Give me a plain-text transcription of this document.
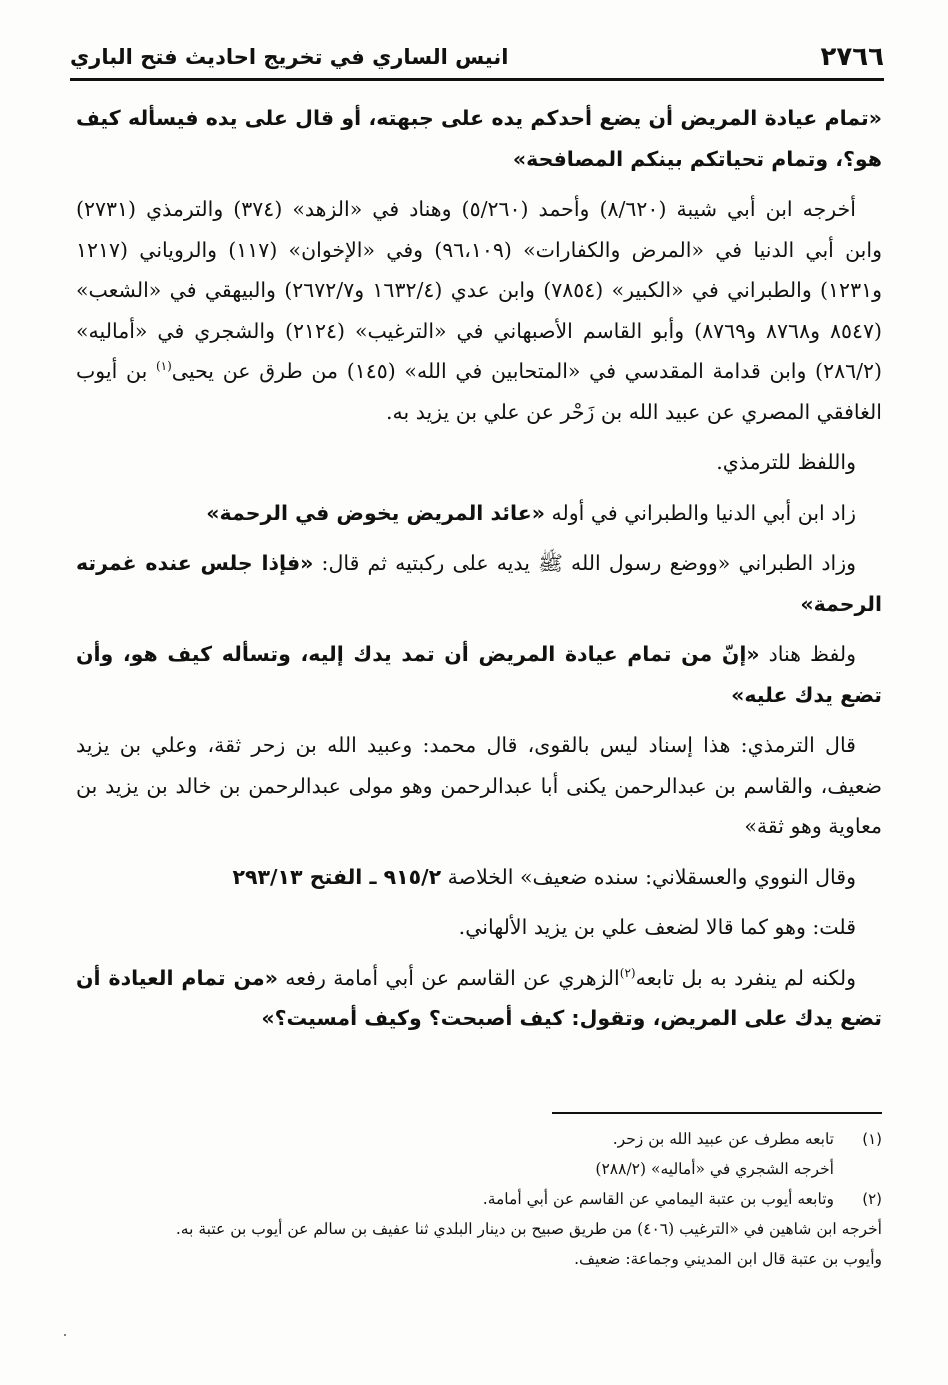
٢٧٦٦
انيس الساري في تخريج احاديث فتح الباري

«تمام عيادة المريض أن يضع أحدكم يده على جبهته، أو قال على يده فيسأله كيف هو؟، وتمام تحياتكم بينكم المصافحة»

أخرجه ابن أبي شيبة (٨/٦٢٠) وأحمد (٥/٢٦٠) وهناد في «الزهد» (٣٧٤) والترمذي (٢٧٣١) وابن أبي الدنيا في «المرض والكفارات» (٩٦،١٠٩) وفي «الإخوان» (١١٧) والروياني (١٢١٧ و١٢٣١) والطبراني في «الكبير» (٧٨٥٤) وابن عدي (١٦٣٢/٤ و٢٦٧٢/٧) والبيهقي في «الشعب» (٨٥٤٧ و٨٧٦٨ و٨٧٦٩) وأبو القاسم الأصبهاني في «الترغيب» (٢١٢٤) والشجري في «أماليه» (٢٨٦/٢) وابن قدامة المقدسي في «المتحابين في الله» (١٤٥) من طرق عن يحيى$^{(١)}$ بن أيوب الغافقي المصري عن عبيد الله بن زَحْر عن علي بن يزيد به.

واللفظ للترمذي.

زاد ابن أبي الدنيا والطبراني في أوله «عائد المريض يخوض في الرحمة»

وزاد الطبراني «ووضع رسول الله ﷺ يديه على ركبتيه ثم قال: «فإذا جلس عنده غمرته الرحمة»

ولفظ هناد «إنّ من تمام عيادة المريض أن تمد يدك إليه، وتسأله كيف هو، وأن تضع يدك عليه»

قال الترمذي: هذا إسناد ليس بالقوى، قال محمد: وعبيد الله بن زحر ثقة، وعلي بن يزيد ضعيف، والقاسم بن عبدالرحمن يكنى أبا عبدالرحمن وهو مولى عبدالرحمن بن خالد بن يزيد بن معاوية وهو ثقة»

وقال النووي والعسقلاني: سنده ضعيف» الخلاصة ٩١٥/٢ ـ الفتح ٢٩٣/١٣

قلت: وهو كما قالا لضعف علي بن يزيد الألهاني.

ولكنه لم ينفرد به بل تابعه$^{(٢)}$الزهري عن القاسم عن أبي أمامة رفعه «من تمام العيادة أن تضع يدك على المريض، وتقول: كيف أصبحت؟ وكيف أمسيت؟»

(١)
تابعه مطرف عن عبيد الله بن زحر.
أخرجه الشجري في «أماليه» (٢٨٨/٢)
(٢)
وتابعه أيوب بن عتبة اليمامي عن القاسم عن أبي أمامة.
أخرجه ابن شاهين في «الترغيب (٤٠٦) من طريق صبيح بن دينار البلدي ثنا عفيف بن سالم عن أيوب بن عتبة به.
وأيوب بن عتبة قال ابن المديني وجماعة: ضعيف.
